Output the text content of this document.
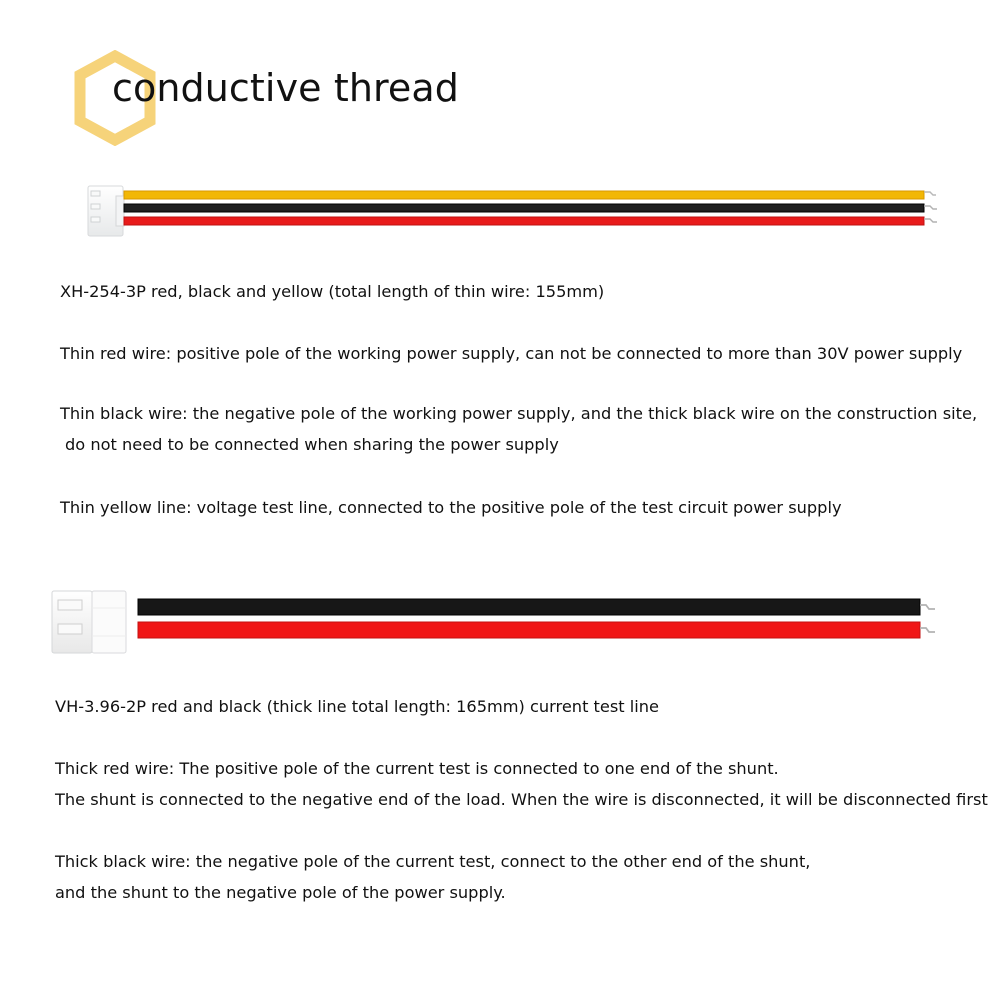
conductive thread
XH-254-3P red, black and yellow (total length of thin wire: 155mm)
Thin red wire: positive pole of the working power supply, can not be connected to more than 30V power supply
Thin black wire: the negative pole of the working power supply, and the thick black wire on the construction site,
do not need to be connected when sharing the power supply
Thin yellow line: voltage test line, connected to the positive pole of the test circuit power supply
VH-3.96-2P red and black (thick line total length: 165mm) current test line
Thick red wire: The positive pole of the current test is connected to one end of the shunt.
The shunt is connected to the negative end of the load. When the wire is disconnected, it will be disconnected first
Thick black wire: the negative pole of the current test, connect to the other end of the shunt,
and the shunt to the negative pole of the power supply.
